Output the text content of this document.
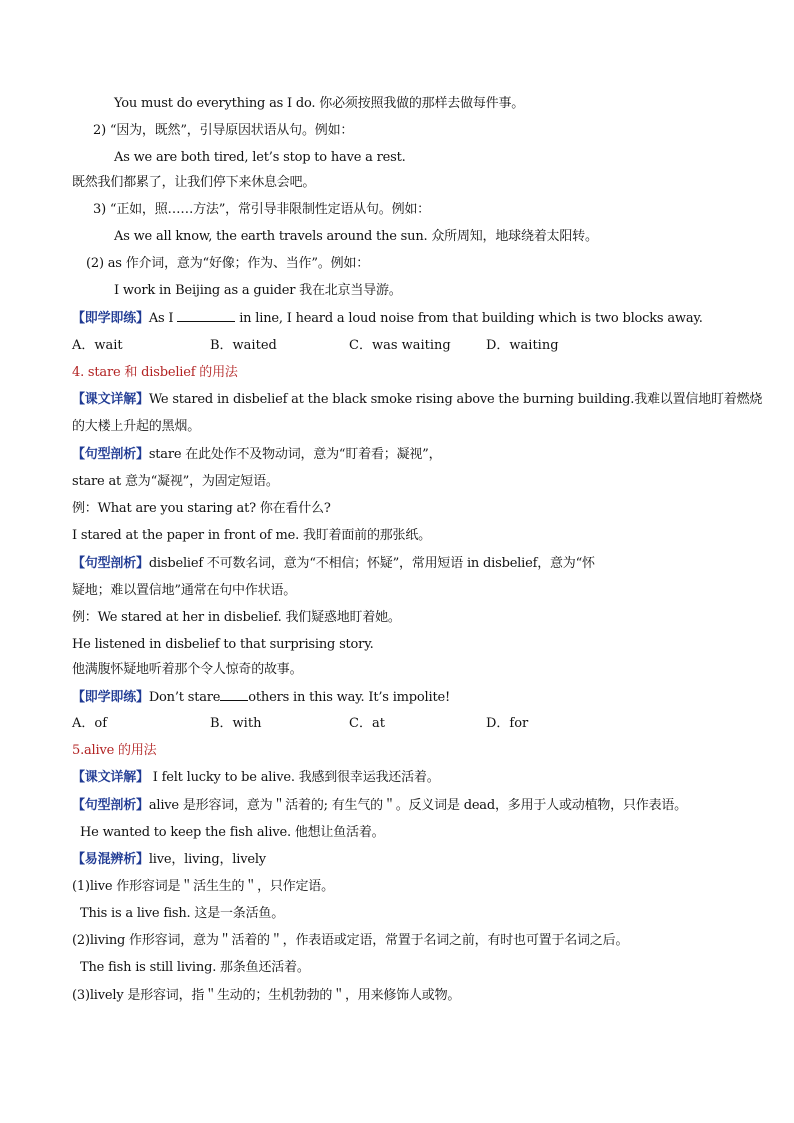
You must do everything as I do. 你必须按照我做的那样去做每件事。
2) “因为，既然”，引导原因状语从句。例如：
As we are both tired, let’s stop to have a rest.
既然我们都累了，让我们停下来休息会吧。
3) “正如，照……方法”，常引导非限制性定语从句。例如：
As we all know, the earth travels around the sun. 众所周知，地球绕着太阳转。
(2) as 作介词，意为“好像；作为、当作”。例如：
I work in Beijing as a guider 我在北京当导游。
【即学即练】As I	in line, I heard a loud noise from that building which is two blocks away.
A．wait	B．waited	C．was waiting	D．waiting
4. stare 和 disbelief 的用法
【课文详解】We stared in disbelief at the black smoke rising above the burning building.我难以置信地盯着燃烧
的大楼上升起的黑烟。
【句型剖析】stare 在此处作不及物动词，意为“盯着看；凝视”，
stare at 意为“凝视”，为固定短语。
例：What are you staring at? 你在看什么?
I stared at the paper in front of me. 我盯着面前的那张纸。
【句型剖析】disbelief 不可数名词，意为“不相信；怀疑”，常用短语 in disbelief，意为“怀
疑地；难以置信地”通常在句中作状语。
例：We stared at her in disbelief. 我们疑惑地盯着她。
He listened in disbelief to that surprising story.
他满腹怀疑地听着那个令人惊奇的故事。
【即学即练】Don’t stare others in this way. It’s impolite!
A．of	B．with	C．at	D．for
5.alive 的用法
【课文详解】 I felt lucky to be alive. 我感到很幸运我还活着。
【句型剖析】alive 是形容词，意为＂活着的; 有生气的＂。反义词是 dead，多用于人或动植物，只作表语。
He wanted to keep the fish alive. 他想让鱼活着。
【易混辨析】live，living，lively
(1)live 作形容词是＂活生生的＂，只作定语。
This is a live fish. 这是一条活鱼。
(2)living 作形容词，意为＂活着的＂，作表语或定语，常置于名词之前，有时也可置于名词之后。
The fish is still living. 那条鱼还活着。
(3)lively 是形容词，指＂生动的；生机勃勃的＂，用来修饰人或物。
